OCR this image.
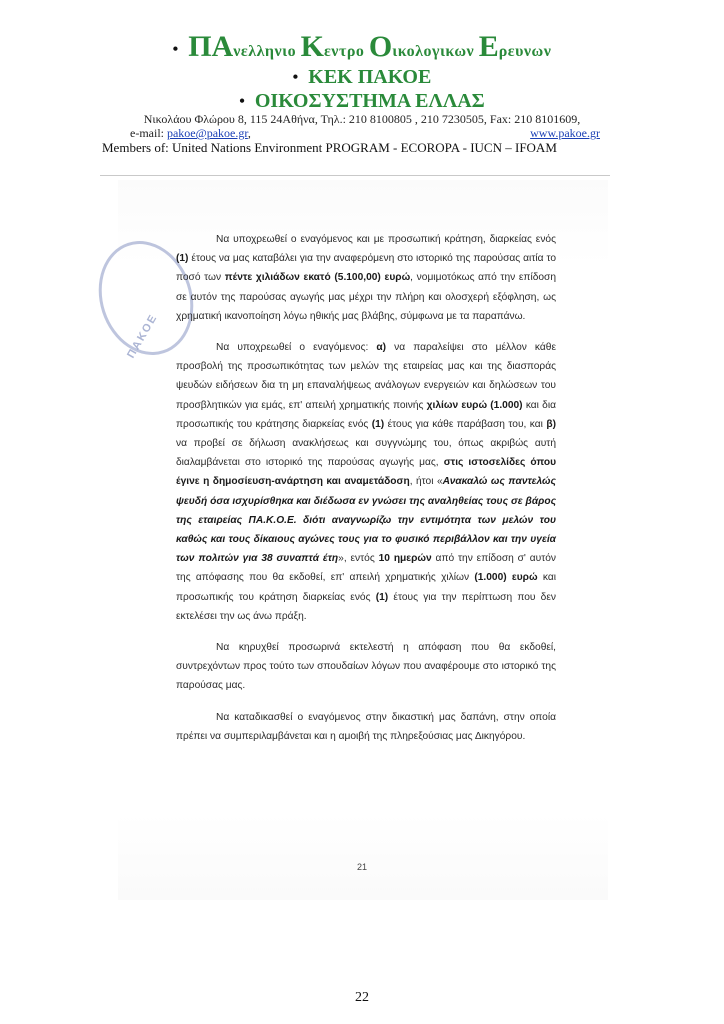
• ΠΑνελληνιο Κεντρο Οικολογικων Ερευνων
• ΚΕΚ ΠΑΚΟΕ
• ΟΙΚΟΣΥΣΤΗΜΑ ΕΛΛΑΣ
Νικολάου Φλώρου 8, 115 24Αθήνα, Τηλ.: 210 8100805 , 210 7230505, Fax: 210 8101609,
e-mail: pakoe@pakoe.gr,	www.pakoe.gr
Members of: United Nations Environment PROGRAM - ECOROPA - IUCN – IFOAM
ΠΑΚΟΕ

Να υποχρεωθεί ο εναγόμενος και με προσωπική κράτηση, διαρκείας ενός (1) έτους να μας καταβάλει για την αναφερόμενη στο ιστορικό της παρούσας αιτία το ποσό των πέντε χιλιάδων εκατό (5.100,00) ευρώ, νομιμοτόκως από την επίδοση σε αυτόν της παρούσας αγωγής μας μέχρι την πλήρη και ολοσχερή εξόφληση, ως χρηματική ικανοποίηση λόγω ηθικής μας βλάβης, σύμφωνα με τα παραπάνω.

Να υποχρεωθεί ο εναγόμενος: α) να παραλείψει στο μέλλον κάθε προσβολή της προσωπικότητας των μελών της εταιρείας μας και της διασποράς ψευδών ειδήσεων δια τη μη επαναλήψεως ανάλογων ενεργειών και δηλώσεων του προσβλητικών για εμάς, επ' απειλή χρηματικής ποινής χιλίων ευρώ (1.000) και δια προσωπικής του κράτησης διαρκείας ενός (1) έτους για κάθε παράβαση του, και β) να προβεί σε δήλωση ανακλήσεως και συγγνώμης του, όπως ακριβώς αυτή διαλαμβάνεται στο ιστορικό της παρούσας αγωγής μας, στις ιστοσελίδες όπου έγινε η δημοσίευση-ανάρτηση και αναμετάδοση, ήτοι «Ανακαλώ ως παντελώς ψευδή όσα ισχυρίσθηκα και διέδωσα εν γνώσει της αναληθείας τους σε βάρος της εταιρείας ΠΑ.Κ.Ο.Ε. διότι αναγνωρίζω την εντιμότητα των μελών του καθώς και τους δίκαιους αγώνες τους για το φυσικό περιβάλλον και την υγεία των πολιτών για 38 συναπτά έτη», εντός 10 ημερών από την επίδοση σ' αυτόν της απόφασης που θα εκδοθεί, επ' απειλή χρηματικής χιλίων (1.000) ευρώ και προσωπικής του κράτηση διαρκείας ενός (1) έτους για την περίπτωση που δεν εκτελέσει την ως άνω πράξη.

Να κηρυχθεί προσωρινά εκτελεστή η απόφαση που θα εκδοθεί, συντρεχόντων προς τούτο των σπουδαίων λόγων που αναφέρουμε στο ιστορικό της παρούσας μας.

Να καταδικασθεί ο εναγόμενος στην δικαστική μας δαπάνη, στην οποία πρέπει να συμπεριλαμβάνεται και η αμοιβή της πληρεξούσιας μας Δικηγόρου.

21
22
